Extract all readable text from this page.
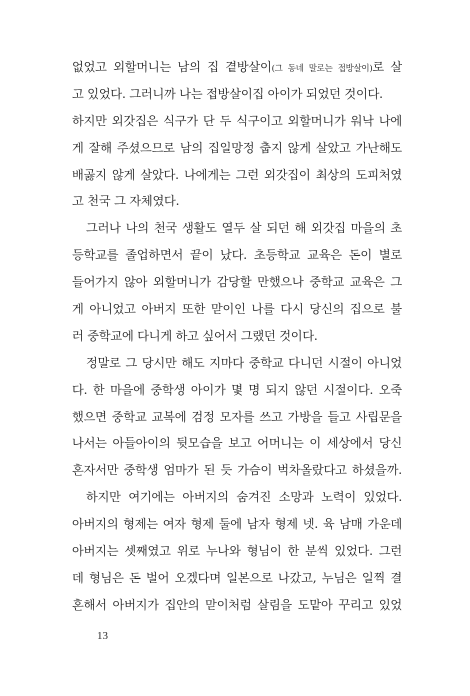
없었고 외할머니는 남의 집 곁방살이(그 동네 말로는 접방살이)로 살
고 있었다. 그러니까 나는 접방살이집 아이가 되었던 것이다.
하지만 외갓집은 식구가 단 두 식구이고 외할머니가 워낙 나에
게 잘해 주셨으므로 남의 집일망정 춥지 않게 살았고 가난해도
배곯지 않게 살았다. 나에게는 그런 외갓집이 최상의 도피처였
고 천국 그 자체였다.
그러나 나의 천국 생활도 열두 살 되던 해 외갓집 마을의 초
등학교를 졸업하면서 끝이 났다. 초등학교 교육은 돈이 별로
들어가지 않아 외할머니가 감당할 만했으나 중학교 교육은 그
게 아니었고 아버지 또한 맏이인 나를 다시 당신의 집으로 불
러 중학교에 다니게 하고 싶어서 그랬던 것이다.
정말로 그 당시만 해도 지마다 중학교 다니던 시절이 아니었
다. 한 마을에 중학생 아이가 몇 명 되지 않던 시절이다. 오죽
했으면 중학교 교복에 검정 모자를 쓰고 가방을 들고 사립문을
나서는 아들아이의 뒷모습을 보고 어머니는 이 세상에서 당신
혼자서만 중학생 엄마가 된 듯 가슴이 벅차올랐다고 하셨을까.
하지만 여기에는 아버지의 숨겨진 소망과 노력이 있었다.
아버지의 형제는 여자 형제 둘에 남자 형제 넷. 육 남매 가운데
아버지는 셋째였고 위로 누나와 형님이 한 분씩 있었다. 그런
데 형님은 돈 벌어 오겠다며 일본으로 나갔고, 누님은 일찍 결
혼해서 아버지가 집안의 맏이처럼 살림을 도맡아 꾸리고 있었
13
